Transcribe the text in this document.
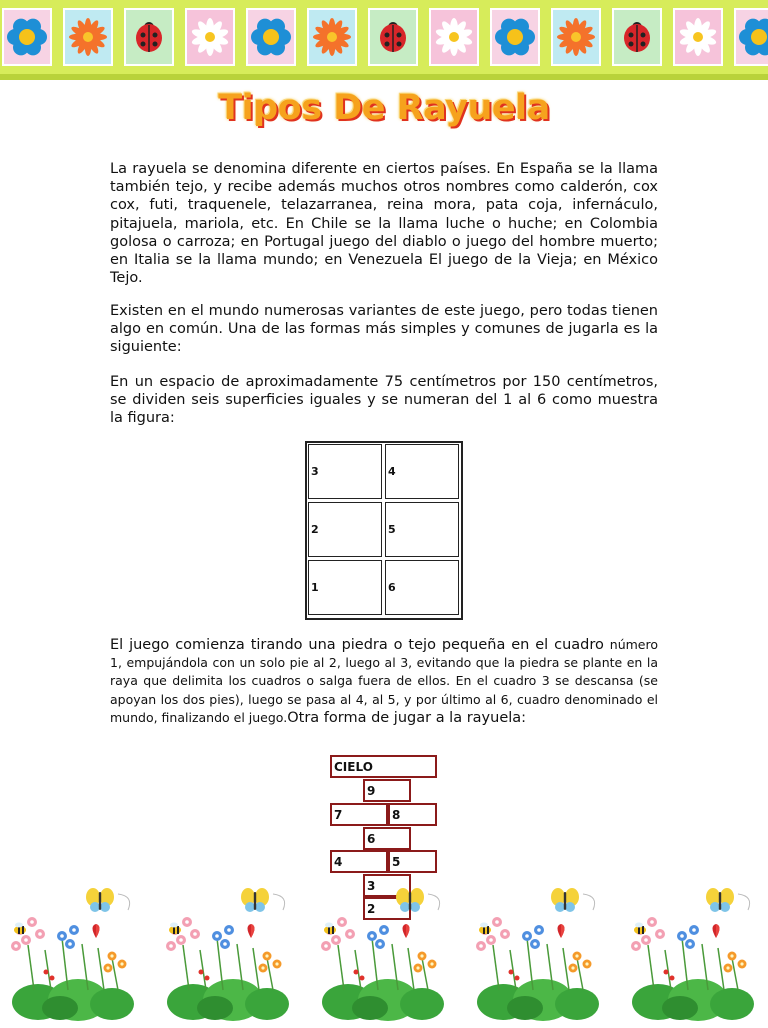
Tipos De Rayuela
La rayuela se denomina diferente en ciertos países. En España se la llama también tejo, y recibe además muchos otros nombres como calderón, cox cox, futi, traquenele, telazarranea, reina mora, pata coja, infernáculo, pitajuela, mariola, etc. En Chile se la llama luche o huche; en Colombia golosa o carroza; en Portugal juego del diablo o juego del hombre muerto; en Italia se la llama mundo; en Venezuela El juego de la Vieja; en México Tejo.
Existen en el mundo numerosas variantes de este juego, pero todas tienen algo en común. Una de las formas más simples y comunes de jugarla es la siguiente:
En un espacio de aproximadamente 75 centímetros por 150 centímetros, se dividen seis superficies iguales y se numeran del 1 al 6 como muestra la figura:
3	4
2	5
1	6
El juego comienza tirando una piedra o tejo pequeña en el cuadro número 1, empujándola con un solo pie al 2, luego al 3, evitando que la piedra se plante en la raya que delimita los cuadros o salga fuera de ellos. En el cuadro 3 se descansa (se apoyan los dos pies), luego se pasa al 4, al 5, y por último al 6, cuadro denominado el mundo, finalizando el juego.Otra forma de jugar a la rayuela:
CIELO
9
7	8
6
4	5
3
2
